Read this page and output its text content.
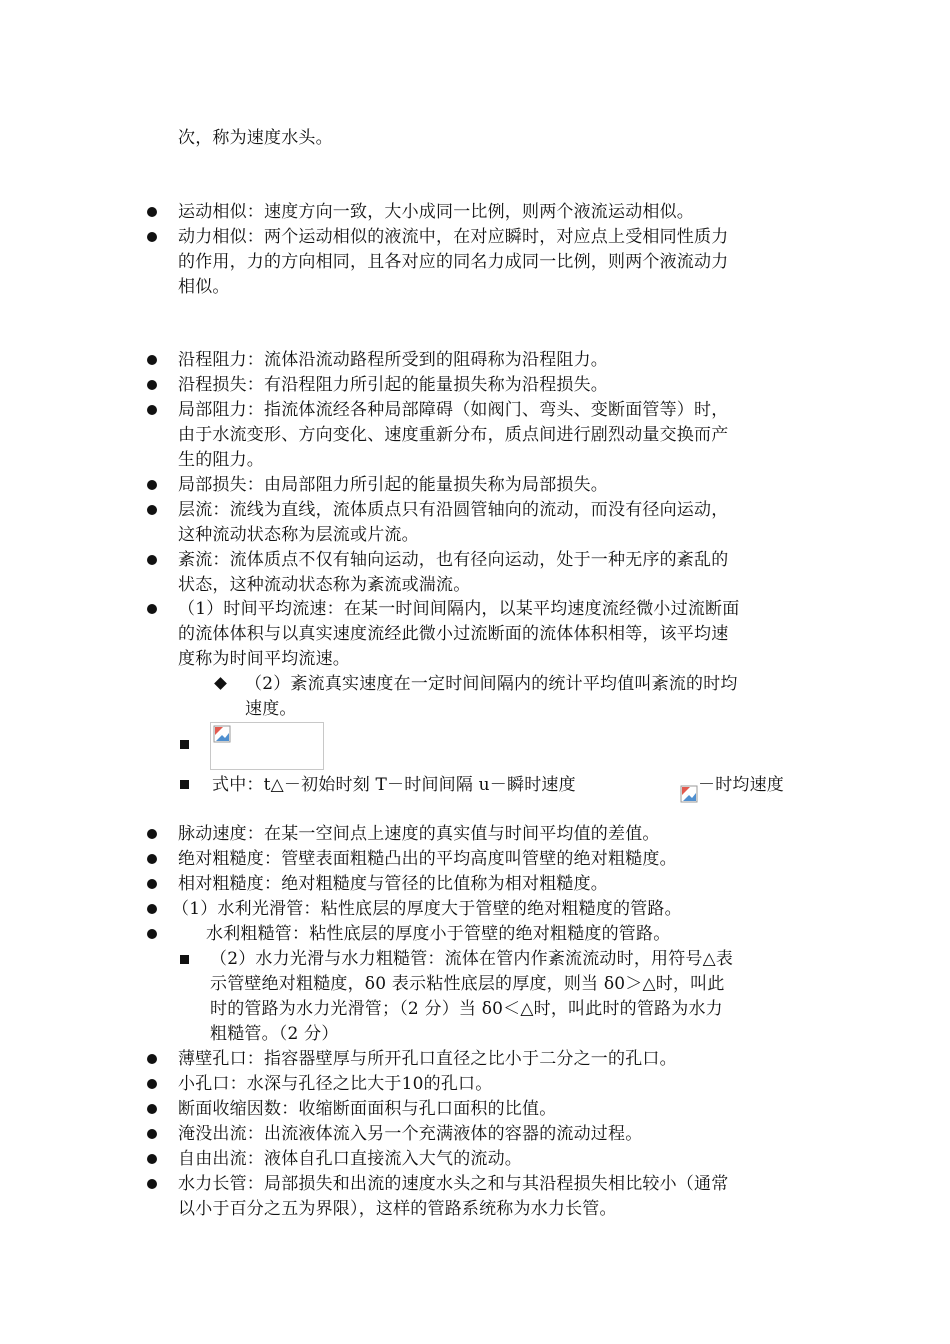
次，称为速度水头。
运动相似：速度方向一致，大小成同一比例，则两个液流运动相似。
动力相似：两个运动相似的液流中，在对应瞬时，对应点上受相同性质力
的作用，力的方向相同，且各对应的同名力成同一比例，则两个液流动力
相似。
沿程阻力：流体沿流动路程所受到的阻碍称为沿程阻力。
沿程损失：有沿程阻力所引起的能量损失称为沿程损失。
局部阻力：指流体流经各种局部障碍（如阀门、弯头、变断面管等）时，
由于水流变形、方向变化、速度重新分布，质点间进行剧烈动量交换而产
生的阻力。
局部损失：由局部阻力所引起的能量损失称为局部损失。
层流：流线为直线，流体质点只有沿圆管轴向的流动，而没有径向运动，
这种流动状态称为层流或片流。
紊流：流体质点不仅有轴向运动，也有径向运动，处于一种无序的紊乱的
状态，这种流动状态称为紊流或湍流。
（1）时间平均流速：在某一时间间隔内，以某平均速度流经微小过流断面
的流体体积与以真实速度流经此微小过流断面的流体体积相等，该平均速
度称为时间平均流速。
（2）紊流真实速度在一定时间间隔内的统计平均值叫紊流的时均
速度。
式中：t△－初始时刻 T－时间间隔 u－瞬时速度	－时均速度
脉动速度：在某一空间点上速度的真实值与时间平均值的差值。
绝对粗糙度：管壁表面粗糙凸出的平均高度叫管壁的绝对粗糙度。
相对粗糙度：绝对粗糙度与管径的比值称为相对粗糙度。
（1）水利光滑管：粘性底层的厚度大于管壁的绝对粗糙度的管路。
水利粗糙管：粘性底层的厚度小于管壁的绝对粗糙度的管路。
（2）水力光滑与水力粗糙管：流体在管内作紊流流动时，用符号△表
示管壁绝对粗糙度，δ0 表示粘性底层的厚度，则当 δ0＞△时，叫此
时的管路为水力光滑管；（2 分）当 δ0＜△时，叫此时的管路为水力
粗糙管。（2 分）
薄壁孔口：指容器壁厚与所开孔口直径之比小于二分之一的孔口。
小孔口：水深与孔径之比大于10的孔口。
断面收缩因数：收缩断面面积与孔口面积的比值。
淹没出流：出流液体流入另一个充满液体的容器的流动过程。
自由出流：液体自孔口直接流入大气的流动。
水力长管：局部损失和出流的速度水头之和与其沿程损失相比较小（通常
以小于百分之五为界限），这样的管路系统称为水力长管。
